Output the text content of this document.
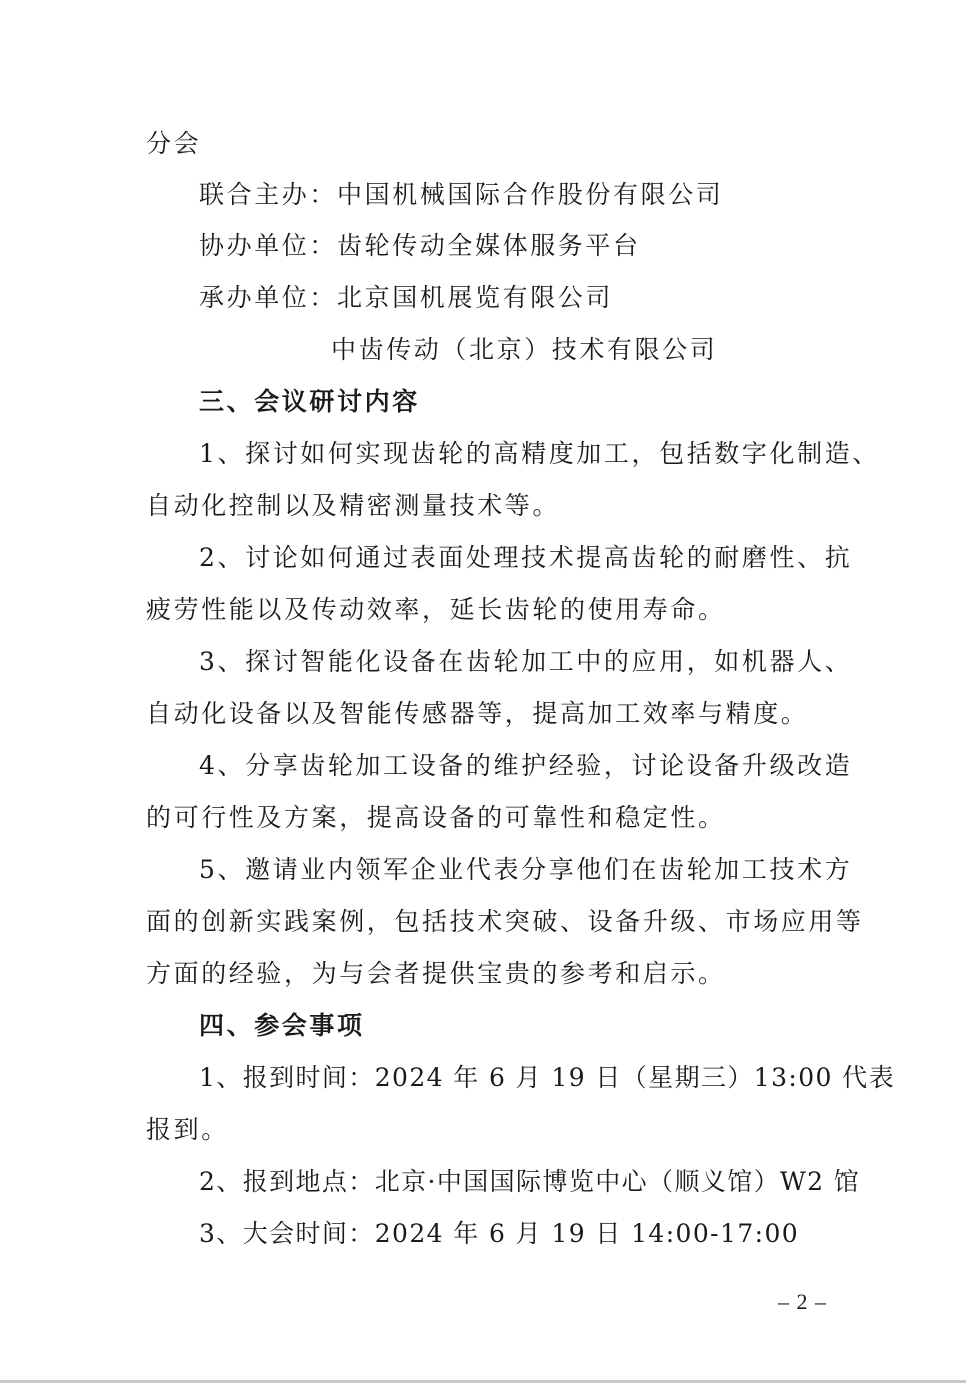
分会
联合主办：中国机械国际合作股份有限公司
协办单位：齿轮传动全媒体服务平台
承办单位：北京国机展览有限公司
中齿传动（北京）技术有限公司
三、会议研讨内容
1、探讨如何实现齿轮的高精度加工，包括数字化制造、
自动化控制以及精密测量技术等。
2、讨论如何通过表面处理技术提高齿轮的耐磨性、抗
疲劳性能以及传动效率，延长齿轮的使用寿命。
3、探讨智能化设备在齿轮加工中的应用，如机器人、
自动化设备以及智能传感器等，提高加工效率与精度。
4、分享齿轮加工设备的维护经验，讨论设备升级改造
的可行性及方案，提高设备的可靠性和稳定性。
5、邀请业内领军企业代表分享他们在齿轮加工技术方
面的创新实践案例，包括技术突破、设备升级、市场应用等
方面的经验，为与会者提供宝贵的参考和启示。
四、参会事项
1、报到时间：2024 年 6 月 19 日（星期三）13:00 代表
报到。
2、报到地点：北京·中国国际博览中心（顺义馆）W2 馆
3、大会时间：2024 年 6 月 19 日 14:00-17:00
– 2 –
